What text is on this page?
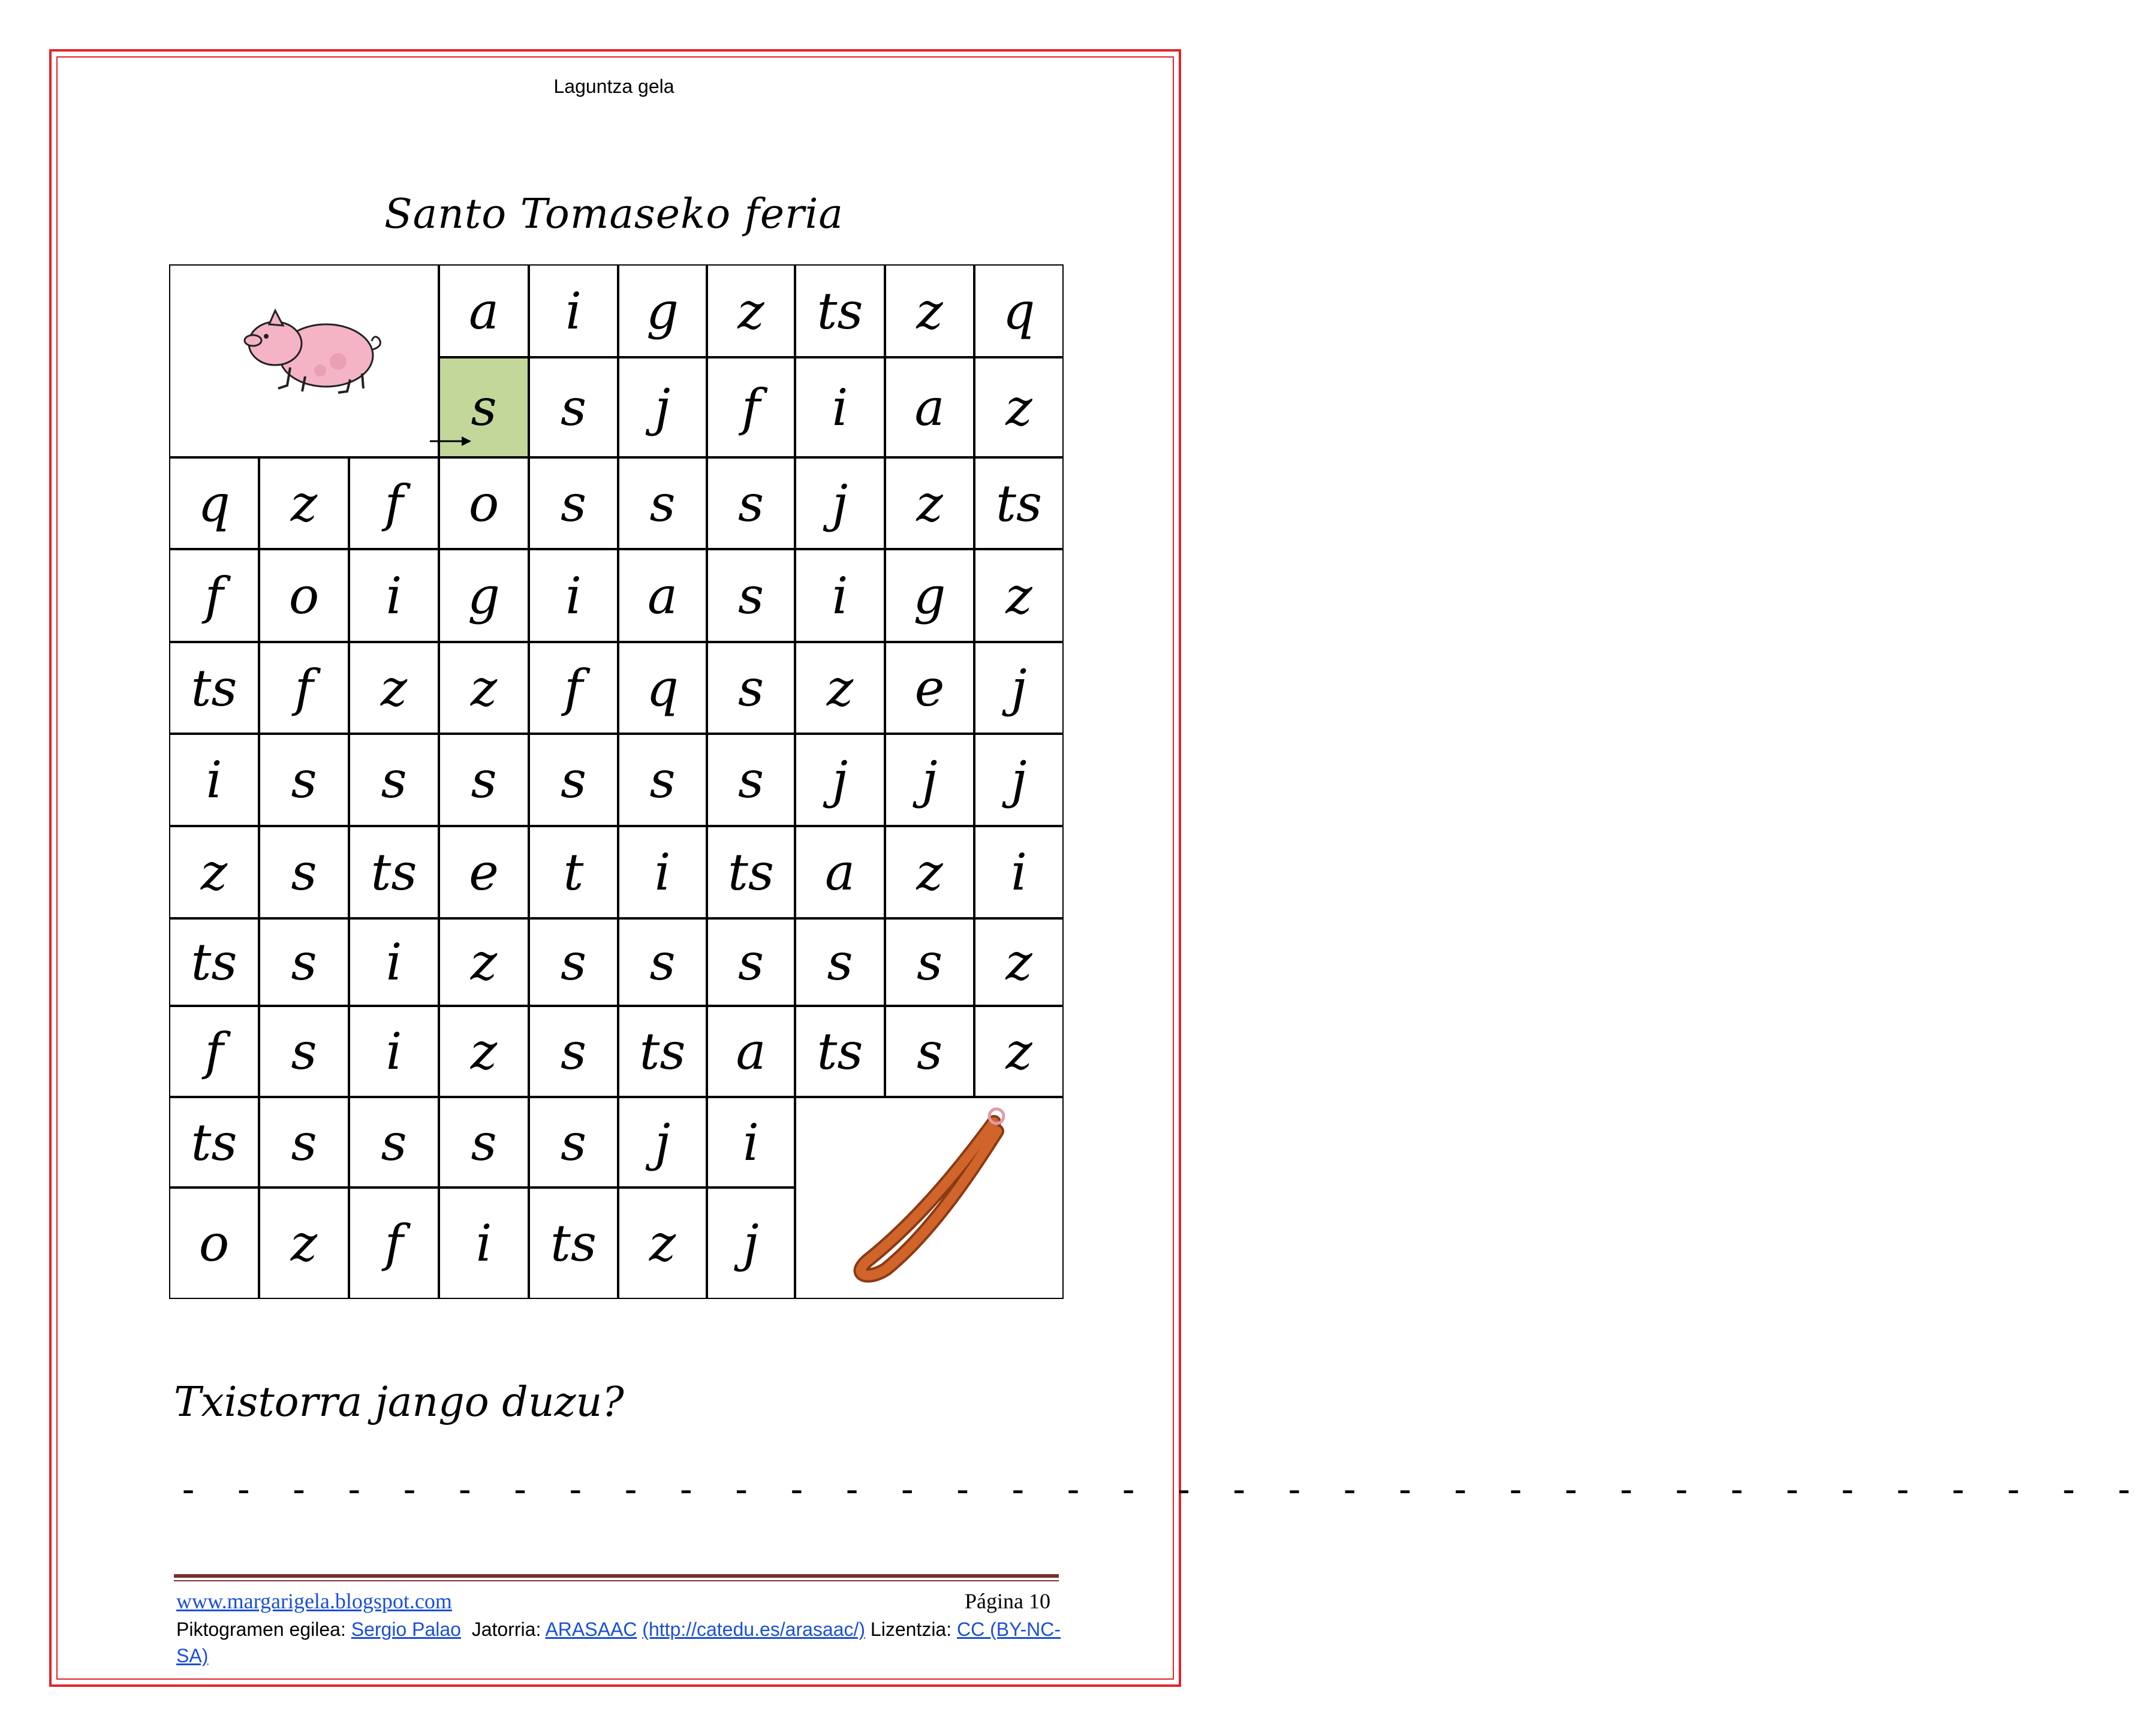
Laguntza gela
Santo Tomaseko feria
j
z
ts
i
f
z
o
i
j
s
s
s
s
ts
z
s
ts
a
ts
s
z
i
s
f
z
s
s
s
s
s
z
i
s
ts
i
z
a
ts
i
t
e
ts
s
z
j
j
j
s
s
s
s
s
s
i
j
e
z
s
q
f
z
z
f
ts
z
g
i
s
a
i
g
i
o
f
ts
z
j
s
s
s
o
f
z
q
z
a
i
f
j
s
s
q
z
ts
z
g
i
a
Txistorra jango duzu?
- - - - - - - - - - - - - - - - - - - - - - - - - - - - - - - - - - - -
www.margarigela.blogspot.com	Página 10
Piktogramen egilea: Sergio Palao Jatorria: ARASAAC (http://catedu.es/arasaac/) Lizentzia: CC (BY-NC-SA)
